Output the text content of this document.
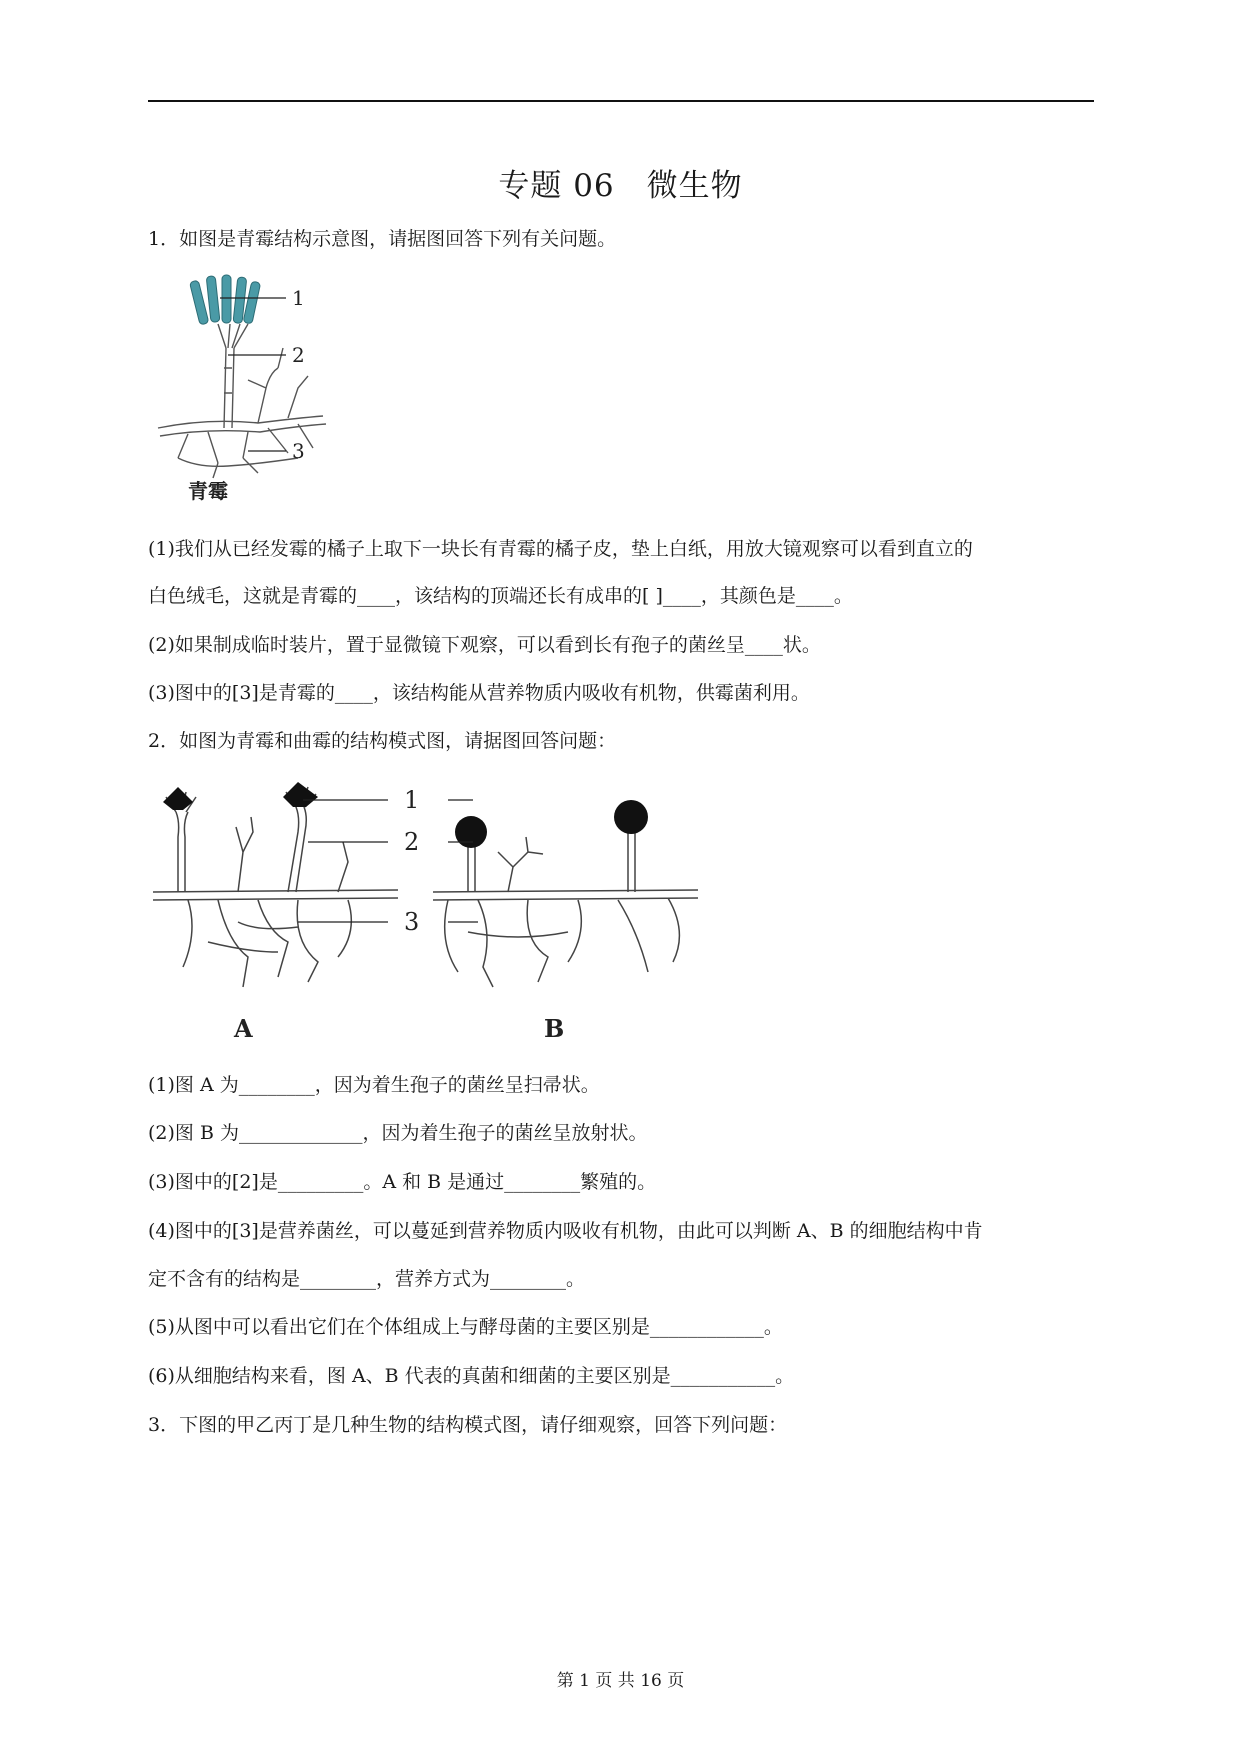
专题 06　微生物
1．如图是青霉结构示意图，请据图回答下列有关问题。
1
2
3
青霉
(1)我们从已经发霉的橘子上取下一块长有青霉的橘子皮，垫上白纸，用放大镜观察可以看到直立的
白色绒毛，这就是青霉的____，该结构的顶端还长有成串的[ ]____，其颜色是____。
(2)如果制成临时装片，置于显微镜下观察，可以看到长有孢子的菌丝呈____状。
(3)图中的[3]是青霉的____，该结构能从营养物质内吸收有机物，供霉菌利用。
2．如图为青霉和曲霉的结构模式图，请据图回答问题：
1
2
3
A	B
(1)图 A 为________，因为着生孢子的菌丝呈扫帚状。
(2)图 B 为_____________，因为着生孢子的菌丝呈放射状。
(3)图中的[2]是_________。A 和 B 是通过________繁殖的。
(4)图中的[3]是营养菌丝，可以蔓延到营养物质内吸收有机物，由此可以判断 A、B 的细胞结构中肯
定不含有的结构是________，营养方式为________。
(5)从图中可以看出它们在个体组成上与酵母菌的主要区别是____________。
(6)从细胞结构来看，图 A、B 代表的真菌和细菌的主要区别是___________。
3．下图的甲乙丙丁是几种生物的结构模式图，请仔细观察，回答下列问题：
第 1 页 共 16 页
